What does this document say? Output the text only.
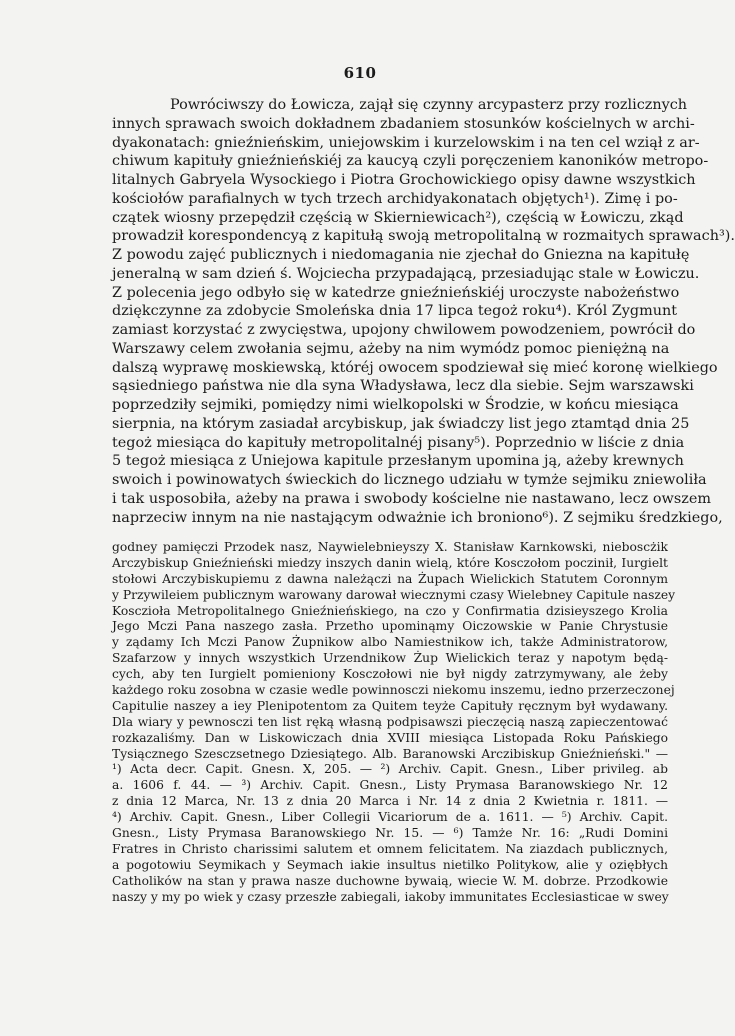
610
Powróciwszy do Łowicza, zajął się czynny arcypasterz przy rozlicznych
innych sprawach swoich dokładnem zbadaniem stosunków kościelnych w archi-
dyakonatach: gnieźnieńskim, uniejowskim i kurzelowskim i na ten cel wziął z ar-
chiwum kapituły gnieźnieńskiéj za kaucyą czyli poręczeniem kanoników metropo-
litalnych Gabryela Wysockiego i Piotra Grochowickiego opisy dawne wszystkich
kościołów parafialnych w tych trzech archidyakonatach objętych¹). Zimę i po-
czątek wiosny przepędził częścią w Skierniewicach²), częścią w Łowiczu, zkąd
prowadził korespondencyą z kapitułą swoją metropolitalną w rozmaitych sprawach³).
Z powodu zajęć publicznych i niedomagania nie zjechał do Gniezna na kapitułę
jeneralną w sam dzień ś. Wojciecha przypadającą, przesiadując stale w Łowiczu.
Z polecenia jego odbyło się w katedrze gnieźnieńskiéj uroczyste nabożeństwo
dziękczynne za zdobycie Smoleńska dnia 17 lipca tegoż roku⁴). Król Zygmunt
zamiast korzystać z zwycięstwa, upojony chwilowem powodzeniem, powrócił do
Warszawy celem zwołania sejmu, ażeby na nim wymódz pomoc pieniężną na
dalszą wyprawę moskiewską, któréj owocem spodziewał się mieć koronę wielkiego
sąsiedniego państwa nie dla syna Władysława, lecz dla siebie. Sejm warszawski
poprzedziły sejmiki, pomiędzy nimi wielkopolski w Środzie, w końcu miesiąca
sierpnia, na którym zasiadał arcybiskup, jak świadczy list jego ztamtąd dnia 25
tegoż miesiąca do kapituły metropolitalnéj pisany⁵). Poprzednio w liście z dnia
5 tegoż miesiąca z Uniejowa kapitule przesłanym upomina ją, ażeby krewnych
swoich i powinowatych świeckich do licznego udziału w tymże sejmiku zniewoliła
i tak usposobiła, ażeby na prawa i swobody kościelne nie nastawano, lecz owszem
naprzeciw innym na nie nastającym odważnie ich broniono⁶). Z sejmiku średzkiego,
godney pamięczi Przodek nasz, Naywielebnieyszy X. Stanisław Karnkowski, nieboscżik
Arczybiskup Gnieźnieński miedzy inszych danin wielą, które Kosczołom poczinił, Iurgielt
stołowi Arczybiskupiemu z dawna należączi na Żupach Wielickich Statutem Coronnym
y Przywileiem publicznym warowany darował wiecznymi czasy Wielebney Capitule naszey
Kosczioła Metropolitalnego Gnieźnieńskiego, na czo y Confirmatia dzisieyszego Krolia
Jego Mczi Pana naszego zasła. Przetho upominąmy Oiczowskie w Panie Chrystusie
y ządamy Ich Mczi Panow Żupnikow albo Namiestnikow ich, także Administratorow,
Szafarzow y innych wszystkich Urzendnikow Żup Wielickich teraz y napotym będą-
cych, aby ten Iurgielt pomieniony Kosczołowi nie był nigdy zatrzymywany, ale żeby
każdego roku zosobna w czasie wedle powinnosczi niekomu inszemu, iedno przerzeczonej
Capitulie naszey a iey Plenipotentom za Quitem teyże Capituły ręcznym był wydawany.
Dla wiary y pewnosczi ten list ręką własną podpisawszi pieczęcią naszą zapieczentować
rozkazaliśmy. Dan w Liskowiczach dnia XVIII miesiąca Listopada Roku Pańskiego
Tysiącznego Szesczsetnego Dziesiątego. Alb. Baranowski Arczibiskup Gnieźnieński." —
¹) Acta decr. Capit. Gnesn. X, 205. — ²) Archiv. Capit. Gnesn., Liber privileg. ab
a. 1606 f. 44. — ³) Archiv. Capit. Gnesn., Listy Prymasa Baranowskiego Nr. 12
z dnia 12 Marca, Nr. 13 z dnia 20 Marca i Nr. 14 z dnia 2 Kwietnia r. 1811. —
⁴) Archiv. Capit. Gnesn., Liber Collegii Vicariorum de a. 1611. — ⁵) Archiv. Capit.
Gnesn., Listy Prymasa Baranowskiego Nr. 15. — ⁶) Tamże Nr. 16: „Rudi Domini
Fratres in Christo charissimi salutem et omnem felicitatem. Na ziazdach publicznych,
a pogotowiu Seymikach y Seymach iakie insultus nietilko Politykow, alie y oziębłych
Catholików na stan y prawa nasze duchowne bywaią, wiecie W. M. dobrze. Przodkowie
naszy y my po wiek y czasy przeszłe zabiegali, iakoby immunitates Ecclesiasticae w swey
